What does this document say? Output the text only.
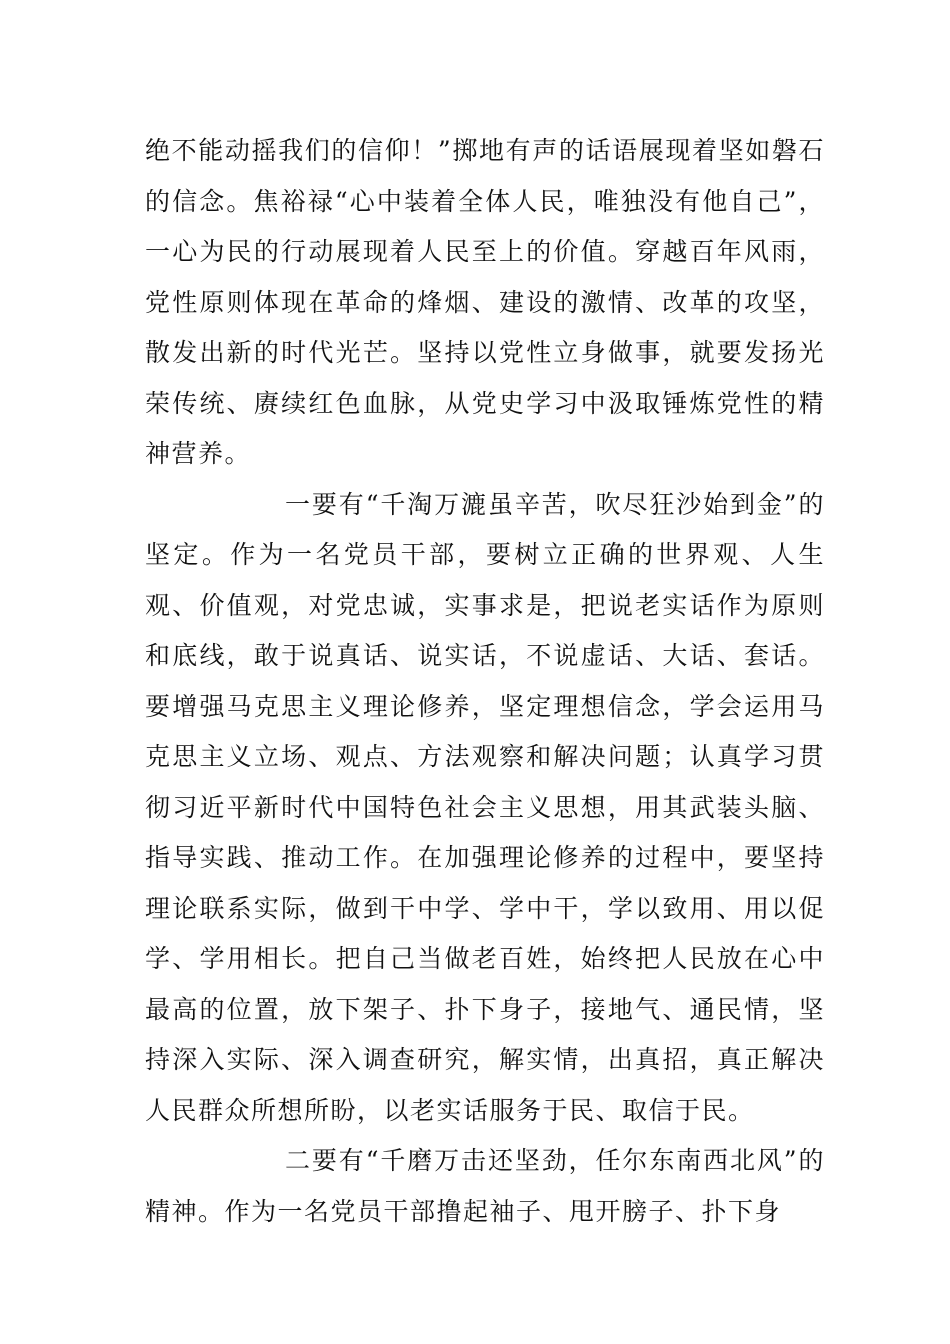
绝不能动摇我们的信仰！”掷地有声的话语展现着坚如磐石的信念。焦裕禄“心中装着全体人民，唯独没有他自己”，一心为民的行动展现着人民至上的价值。穿越百年风雨，党性原则体现在革命的烽烟、建设的激情、改革的攻坚，散发出新的时代光芒。坚持以党性立身做事，就要发扬光荣传统、赓续红色血脉，从党史学习中汲取锤炼党性的精神营养。

一要有“千淘万漉虽辛苦，吹尽狂沙始到金”的坚定。作为一名党员干部，要树立正确的世界观、人生观、价值观，对党忠诚，实事求是，把说老实话作为原则和底线，敢于说真话、说实话，不说虚话、大话、套话。要增强马克思主义理论修养，坚定理想信念，学会运用马克思主义立场、观点、方法观察和解决问题；认真学习贯彻习近平新时代中国特色社会主义思想，用其武装头脑、指导实践、推动工作。在加强理论修养的过程中，要坚持理论联系实际，做到干中学、学中干，学以致用、用以促学、学用相长。把自己当做老百姓，始终把人民放在心中最高的位置，放下架子、扑下身子，接地气、通民情，坚持深入实际、深入调查研究，解实情，出真招，真正解决人民群众所想所盼，以老实话服务于民、取信于民。

二要有“千磨万击还坚劲，任尔东南西北风”的精神。作为一名党员干部撸起袖子、甩开膀子、扑下身
